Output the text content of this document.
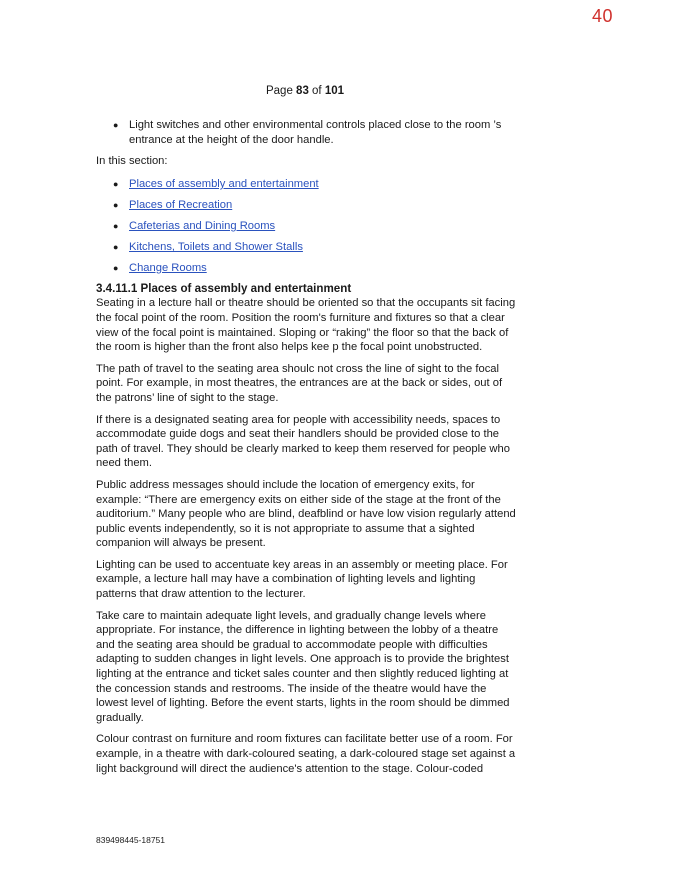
40
Page 83 of 101
● Light switches and other environmental controls placed close to the room ’s entrance at the height of the door handle.
In this section:
● Places of assembly and entertainment
● Places of Recreation
● Cafeterias and Dining Rooms
● Kitchens, Toilets and Shower Stalls
● Change Rooms
3.4.11.1 Places of assembly and entertainment

Seating in a lecture hall or theatre should be oriented so that the occupants sit facing the focal point of the room. Position the room's furniture and fixtures so that a clear view of the focal point is maintained. Sloping or “raking” the floor so that the back of the room is higher than the front also helps kee p the focal point unobstructed.

The path of travel to the seating area shoulc not cross the line of sight to the focal point. For example, in most theatres, the entrances are at the back or sides, out of the patrons’ line of sight to the stage.

If there is a designated seating area for people with accessibility needs, spaces to accommodate guide dogs and seat their handlers should be provided close to the path of travel. They should be clearly marked to keep them reserved for people who need them.

Public address messages should include the location of emergency exits, for example: “There are emergency exits on either side of the stage at the front of the auditorium.” Many people who are blind, deafblind or have low vision regularly attend public events independently, so it is not appropriate to assume that a sighted companion will always be present.

Lighting can be used to accentuate key areas in an assembly or meeting place. For example, a lecture hall may have a combination of lighting levels and lighting patterns that draw attention to the lecturer.

Take care to maintain adequate light levels, and gradually change levels where appropriate. For instance, the difference in lighting between the lobby of a theatre and the seating area should be gradual to accommodate people with difficulties adapting to sudden changes in light levels. One approach is to provide the brightest lighting at the entrance and ticket sales counter and then slightly reduced lighting at the concession stands and restrooms. The inside of the theatre would have the lowest level of lighting. Before the event starts, lights in the room should be dimmed gradually.

Colour contrast on furniture and room fixtures can facilitate better use of a room. For example, in a theatre with dark-coloured seating, a dark-coloured stage set against a light background will direct the audience's attention to the stage. Colour-coded

839498445-18751
